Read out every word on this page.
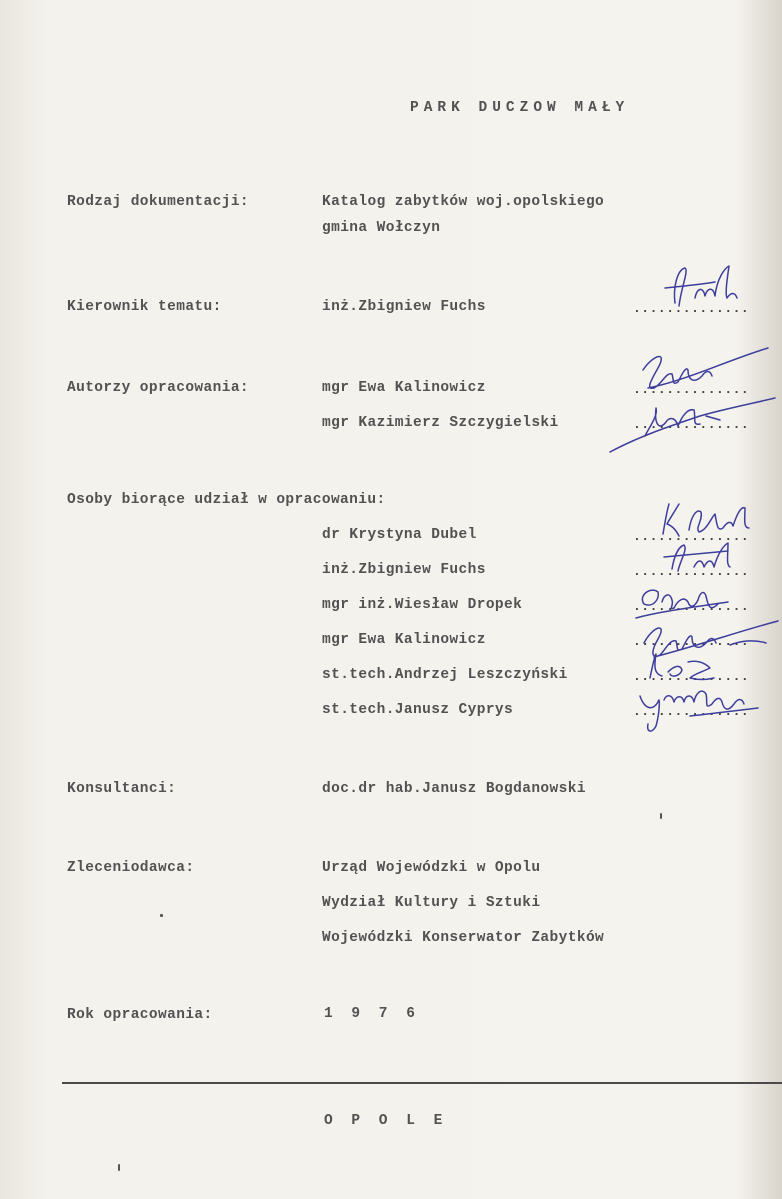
PARK DUCZOW MAŁY
Rodzaj dokumentacji:	Katalog zabytków woj.opolskiego
gmina Wołczyn
Kierownik tematu:	inż.Zbigniew Fuchs	..............
Autorzy opracowania:	mgr Ewa Kalinowicz	..............
mgr Kazimierz Szczygielski	..............
Osoby biorące udział w opracowaniu:
dr Krystyna Dubel	..............
inż.Zbigniew Fuchs	..............
mgr inż.Wiesław Dropek	..............
mgr Ewa Kalinowicz	..............
st.tech.Andrzej Leszczyński	..............
st.tech.Janusz Cyprys	..............
Konsultanci:	doc.dr hab.Janusz Bogdanowski
Zleceniodawca:	Urząd Wojewódzki w Opolu
Wydział Kultury i Sztuki
Wojewódzki Konserwator Zabytków
Rok opracowania:	1 9 7 6
O P O L E
